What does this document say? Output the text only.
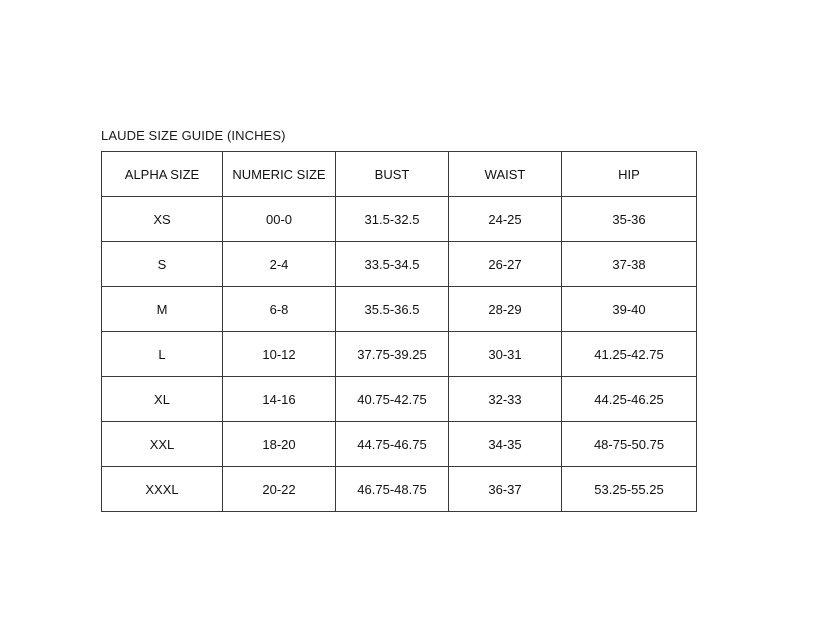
LAUDE SIZE GUIDE (INCHES)
ALPHA SIZE	NUMERIC SIZE	BUST	WAIST	HIP
XS	00-0	31.5-32.5	24-25	35-36
S	2-4	33.5-34.5	26-27	37-38
M	6-8	35.5-36.5	28-29	39-40
L	10-12	37.75-39.25	30-31	41.25-42.75
XL	14-16	40.75-42.75	32-33	44.25-46.25
XXL	18-20	44.75-46.75	34-35	48-75-50.75
XXXL	20-22	46.75-48.75	36-37	53.25-55.25
